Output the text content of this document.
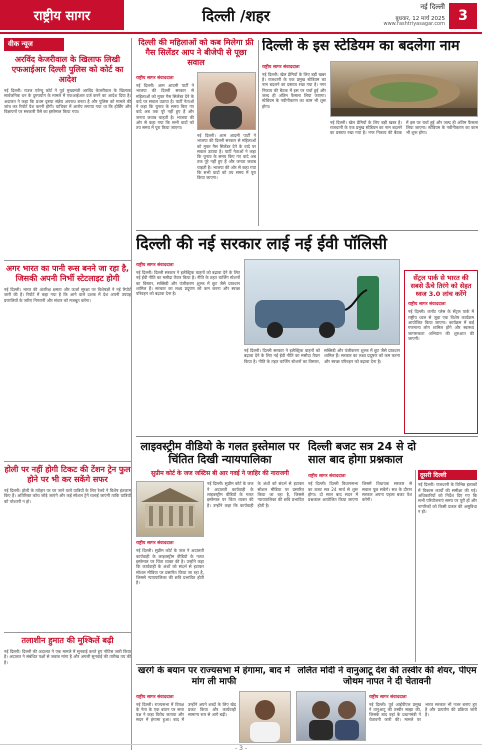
राष्ट्रीय सागर	दिल्ली /शहर	नई दिल्ली
बुधवार, 12 मार्च 2025
www.rashtriyasagar.com 3
वीक न्यूज
अरविंद केजरीवाल के खिलाफ लिखी एफआईआर दिल्ली पुलिस को कोर्ट का आदेश
नई दिल्ली। राउज एवेन्यू कोर्ट ने पूर्व मुख्यमंत्री अरविंद केजरीवाल के खिलाफ सार्वजनिक धन के दुरुपयोग के मामले में एफआईआर दर्ज करने का आदेश दिया है। अदालत ने कहा कि प्रथम दृष्टया संज्ञेय अपराध बनता है और पुलिस को मामले की जांच कर रिपोर्ट पेश करनी होगी। याचिका में आरोप लगाया गया था कि होर्डिंग और विज्ञापनों पर सरकारी पैसे का इस्तेमाल किया गया।
अगर भारत का पानी रूस बनने जा रहा है, जिसकी अपनी निर्भी स्टेटलाइट होगी
नई दिल्ली। भारत की अंतरिक्ष क्षमता और ऊर्जा सुरक्षा पर विशेषज्ञों ने नई रिपोर्ट जारी की है। रिपोर्ट में कहा गया है कि आने वाले दशक में देश अपनी उपग्रह प्रणालियों के जरिए निगरानी और संचार को मजबूत करेगा।
होली पर नहीं होगी टिकट की टेंशन ट्रेन फुल होने पर भी कर सकेंगे सफर
नई दिल्ली। होली के त्योहार पर घर जाने वाले यात्रियों के लिए रेलवे ने विशेष इंतजाम किए हैं। अतिरिक्त कोच जोड़े जाएंगे और कई स्पेशल ट्रेनें चलाई जाएंगी ताकि यात्रियों को परेशानी न हो।
तलाशीन हुमात की मुश्किलें बढ़ी
नई दिल्ली। दिल्ली की अदालत ने एक मामले में सुनवाई करते हुए नोटिस जारी किया है। अदालत ने संबंधित पक्षों से जवाब मांगा है और अगली सुनवाई की तारीख तय की है।
दिल्ली की महिलाओं को कब मिलेगा फ्री गैस सिलेंडर आप ने बीजेपी से पूछा सवाल
राष्ट्रीय सागर संवाददाता
नई दिल्ली। आम आदमी पार्टी ने भाजपा की दिल्ली सरकार से महिलाओं को मुफ्त गैस सिलेंडर देने के वादे पर सवाल उठाया है। पार्टी नेताओं ने कहा कि चुनाव के समय किए गए वादे अब तक पूरे नहीं हुए हैं और जनता जवाब चाहती है। भाजपा की ओर से कहा गया कि सभी वादों को तय समय में पूरा किया जाएगा।
नई दिल्ली। आम आदमी पार्टी ने भाजपा की दिल्ली सरकार से महिलाओं को मुफ्त गैस सिलेंडर देने के वादे पर सवाल उठाया है। पार्टी नेताओं ने कहा कि चुनाव के समय किए गए वादे अब तक पूरे नहीं हुए हैं और जनता जवाब चाहती है। भाजपा की ओर से कहा गया कि सभी वादों को तय समय में पूरा किया जाएगा।
दिल्ली के इस स्टेडियम का बदलेगा नाम
राष्ट्रीय सागर संवाददाता
नई दिल्ली। खेल प्रेमियों के लिए बड़ी खबर है। राजधानी के एक प्रमुख स्टेडियम का नाम बदलने का प्रस्ताव रखा गया है। नगर निकाय की बैठक में इस पर चर्चा हुई और जल्द ही अंतिम फैसला लिया जाएगा। स्टेडियम के नवीनीकरण का काम भी शुरू होगा।
नई दिल्ली। खेल प्रेमियों के लिए बड़ी खबर है। राजधानी के एक प्रमुख स्टेडियम का नाम बदलने का प्रस्ताव रखा गया है। नगर निकाय की बैठक में इस पर चर्चा हुई और जल्द ही अंतिम फैसला लिया जाएगा। स्टेडियम के नवीनीकरण का काम भी शुरू होगा।
दिल्ली की नई सरकार लाई नई ईवी पॉलिसी
राष्ट्रीय सागर संवाददाता
नई दिल्ली। दिल्ली सरकार ने इलेक्ट्रिक वाहनों को बढ़ावा देने के लिए नई ईवी नीति का मसौदा तैयार किया है। नीति के तहत चार्जिंग स्टेशनों का विस्तार, सब्सिडी और पंजीकरण शुल्क में छूट जैसे प्रावधान शामिल हैं। सरकार का लक्ष्य प्रदूषण को कम करना और स्वच्छ परिवहन को बढ़ावा देना है।
नई दिल्ली। दिल्ली सरकार ने इलेक्ट्रिक वाहनों को बढ़ावा देने के लिए नई ईवी नीति का मसौदा तैयार किया है। नीति के तहत चार्जिंग स्टेशनों का विस्तार, सब्सिडी और पंजीकरण शुल्क में छूट जैसे प्रावधान शामिल हैं। सरकार का लक्ष्य प्रदूषण को कम करना और स्वच्छ परिवहन को बढ़ावा देना है।
सेंट्रल पार्क से भारत की सबसे ऊँचे तिरंगे को सेहत ध्वज 3.0 लांच करेंगे
राष्ट्रीय सागर संवाददाता
नई दिल्ली। कनॉट प्लेस के सेंट्रल पार्क में राष्ट्रीय ध्वज से जुड़ा एक विशेष कार्यक्रम आयोजित किया जाएगा। कार्यक्रम में कई गणमान्य लोग शामिल होंगे और स्वास्थ्य जागरूकता अभियान की शुरुआत की जाएगी।
लाइवस्ट्रीम वीडियो के गलत इस्तेमाल पर चिंतित दिखी न्यायपालिका
सुप्रीम कोर्ट के जज जस्टिस बी आर गवई ने जाहिर की नाराजगी
राष्ट्रीय सागर संवाददाता
नई दिल्ली। सुप्रीम कोर्ट के जज ने अदालती कार्यवाही के लाइवस्ट्रीम वीडियो के गलत इस्तेमाल पर चिंता व्यक्त की है। उन्होंने कहा कि कार्यवाही के अंशों को संदर्भ से हटाकर सोशल मीडिया पर प्रसारित किया जा रहा है, जिससे न्यायपालिका की छवि प्रभावित होती है।
नई दिल्ली। सुप्रीम कोर्ट के जज ने अदालती कार्यवाही के लाइवस्ट्रीम वीडियो के गलत इस्तेमाल पर चिंता व्यक्त की है। उन्होंने कहा कि कार्यवाही के अंशों को संदर्भ से हटाकर सोशल मीडिया पर प्रसारित किया जा रहा है, जिससे न्यायपालिका की छवि प्रभावित होती है।
दिल्ली बजट सत्र 24 से दो साल बाद होगा प्रश्नकाल
राष्ट्रीय सागर संवाददाता
नई दिल्ली। दिल्ली विधानसभा का बजट सत्र 24 मार्च से शुरू होगा। दो साल बाद सदन में प्रश्नकाल आयोजित किया जाएगा जिसमें विधायक सरकार से सवाल पूछ सकेंगे। सत्र के दौरान सरकार अपना पहला बजट पेश करेगी।
दूसरी दिल्ली
नई दिल्ली। राजधानी के विभिन्न इलाकों में विकास कार्यों की समीक्षा की गई। अधिकारियों को निर्देश दिए गए कि सभी परियोजनाएं समय पर पूरी हों और नागरिकों को किसी प्रकार की असुविधा न हो।
खरगे के बयान पर राज्यसभा में हंगामा, बाद में मांग ली माफी
राष्ट्रीय सागर संवाददाता
नई दिल्ली। राज्यसभा में विपक्ष के नेता के एक बयान पर सत्ता पक्ष ने कड़ा विरोध जताया और सदन में हंगामा हुआ। बाद में उन्होंने अपने शब्दों के लिए खेद प्रकट किया और कार्यवाही सामान्य रूप से आगे बढ़ी।
ललित मोदी ने वानुआटू देश की तस्वीर की शेयर, पीएम जोथम नापत ने दी चेतावनी
राष्ट्रीय सागर संवाददाता
नई दिल्ली। पूर्व आईपीएल प्रमुख ने वानुआटू की तस्वीर साझा की, जिसके बाद वहां के प्रधानमंत्री ने चेतावनी जारी की। मामले पर भारत सरकार भी नजर बनाए हुए है और प्रत्यर्पण की प्रक्रिया जारी है।
- 3 -
